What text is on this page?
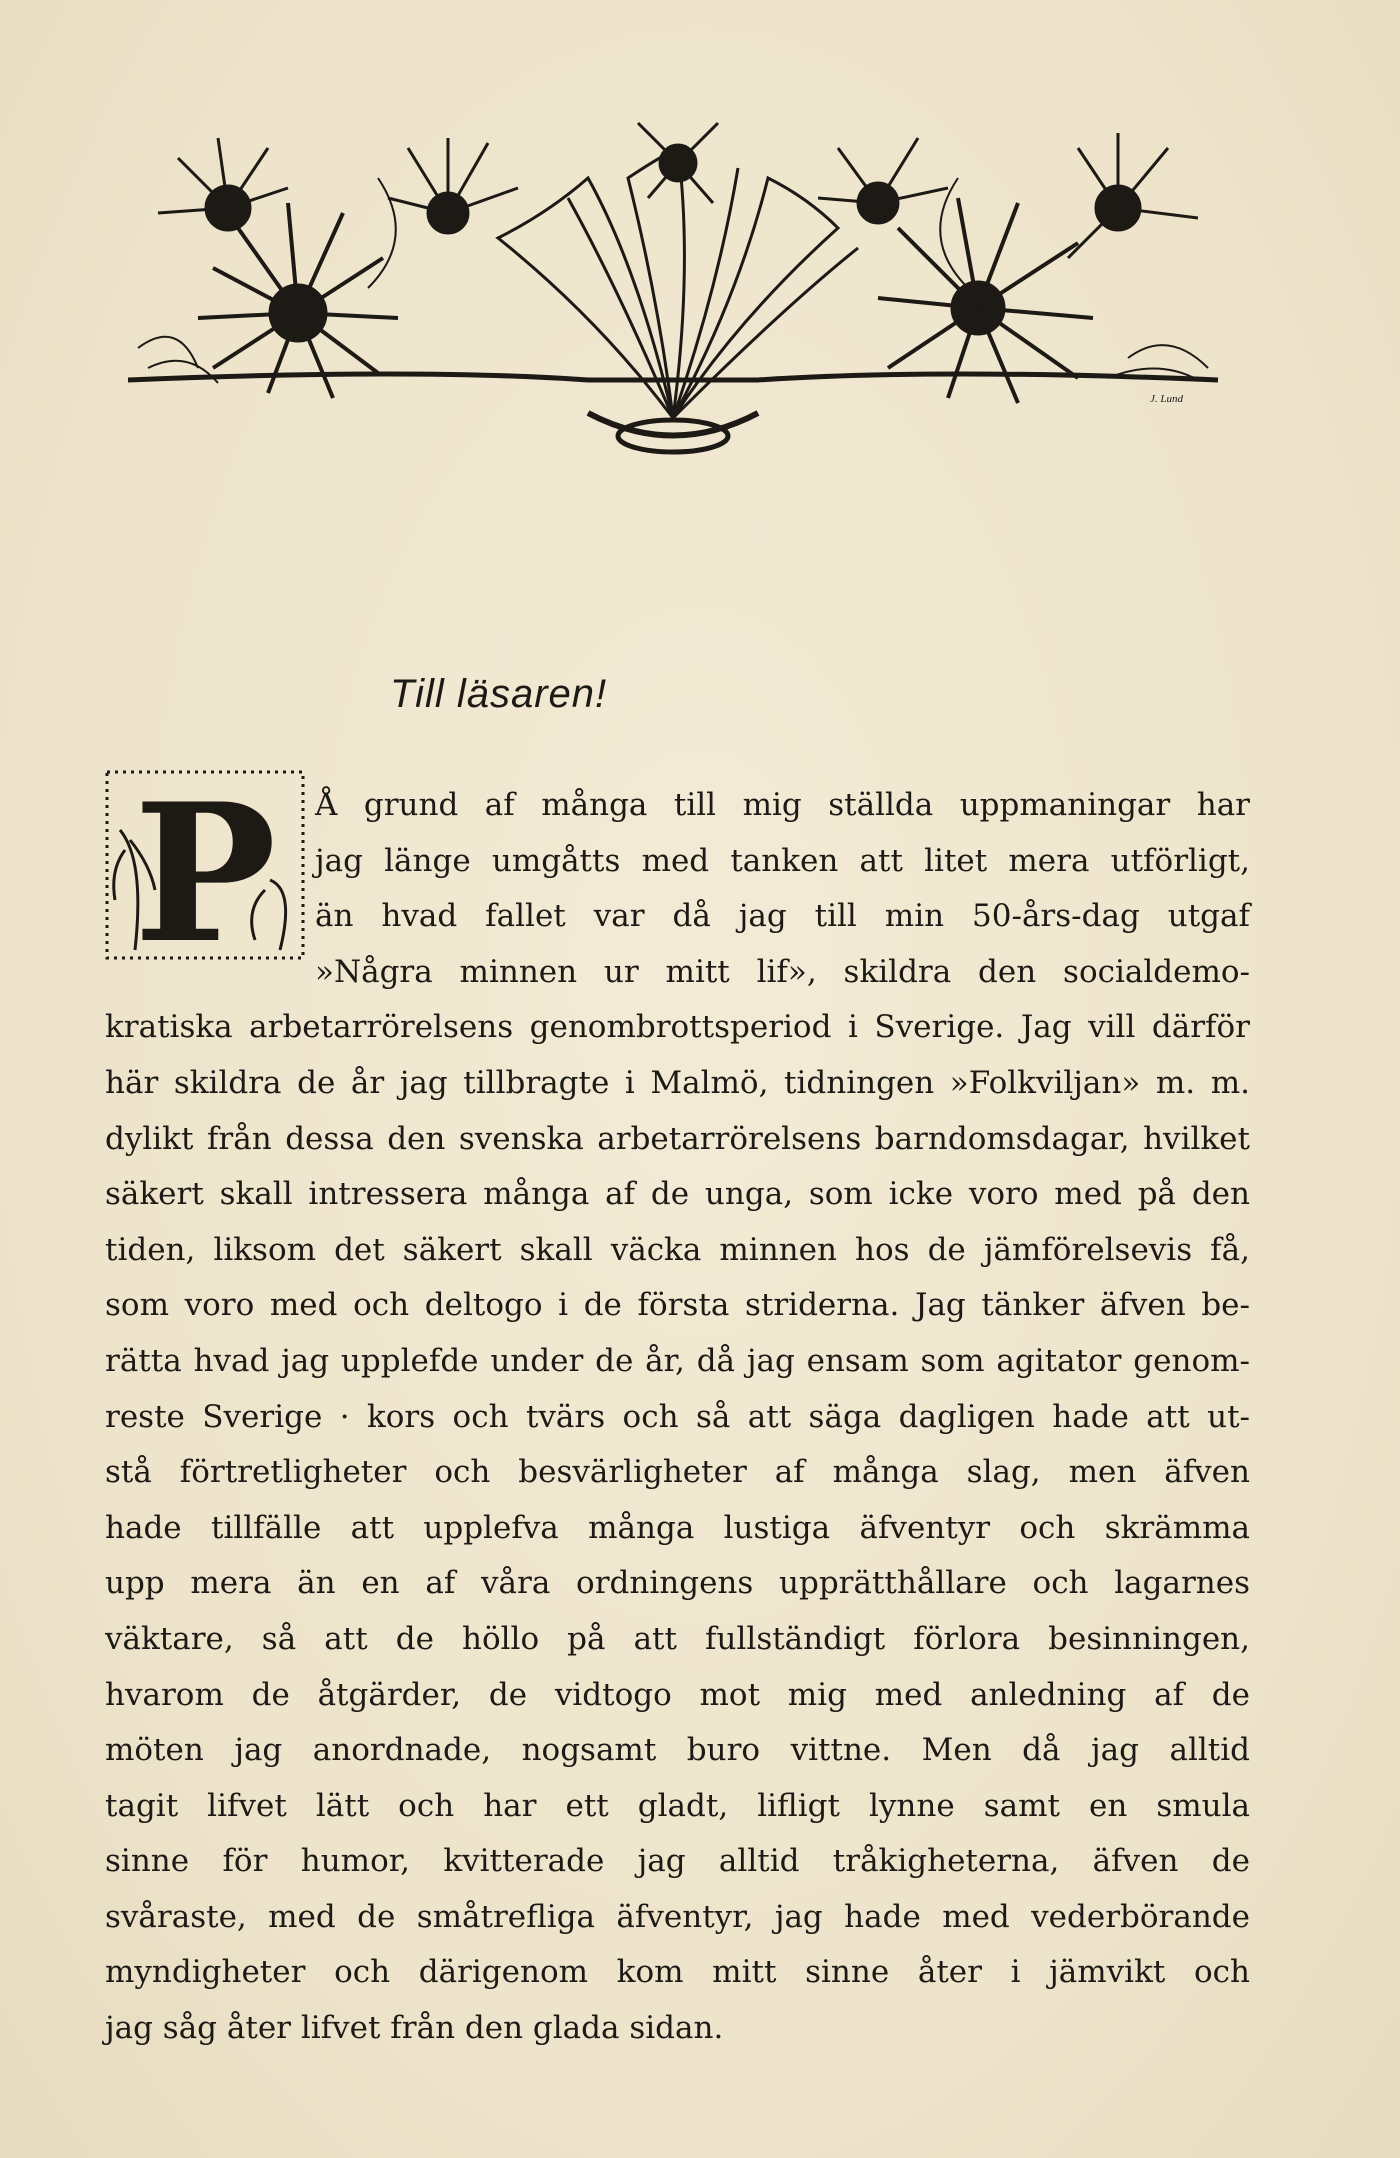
J. Lund
Till läsaren!
P Å grund af många till mig ställda uppmaningar har
jag länge umgåtts med tanken att litet mera utförligt,
än hvad fallet var då jag till min 50-års-dag utgaf
»Några minnen ur mitt lif», skildra den socialdemo-
kratiska arbetarrörelsens genombrottsperiod i Sverige. Jag vill därför
här skildra de år jag tillbragte i Malmö, tidningen »Folkviljan» m. m.
dylikt från dessa den svenska arbetarrörelsens barndomsdagar, hvilket
säkert skall intressera många af de unga, som icke voro med på den
tiden, liksom det säkert skall väcka minnen hos de jämförelsevis få,
som voro med och deltogo i de första striderna. Jag tänker äfven be-
rätta hvad jag upplefde under de år, då jag ensam som agitator genom-
reste Sverige · kors och tvärs och så att säga dagligen hade att ut-
stå förtretligheter och besvärligheter af många slag, men äfven
hade tillfälle att upplefva många lustiga äfventyr och skrämma
upp mera än en af våra ordningens upprätthållare och lagarnes
väktare, så att de höllo på att fullständigt förlora besinningen,
hvarom de åtgärder, de vidtogo mot mig med anledning af de
möten jag anordnade, nogsamt buro vittne. Men då jag alltid
tagit lifvet lätt och har ett gladt, lifligt lynne samt en smula
sinne för humor, kvitterade jag alltid tråkigheterna, äfven de
svåraste, med de småtrefliga äfventyr, jag hade med vederbörande
myndigheter och därigenom kom mitt sinne åter i jämvikt och
jag såg åter lifvet från den glada sidan.
